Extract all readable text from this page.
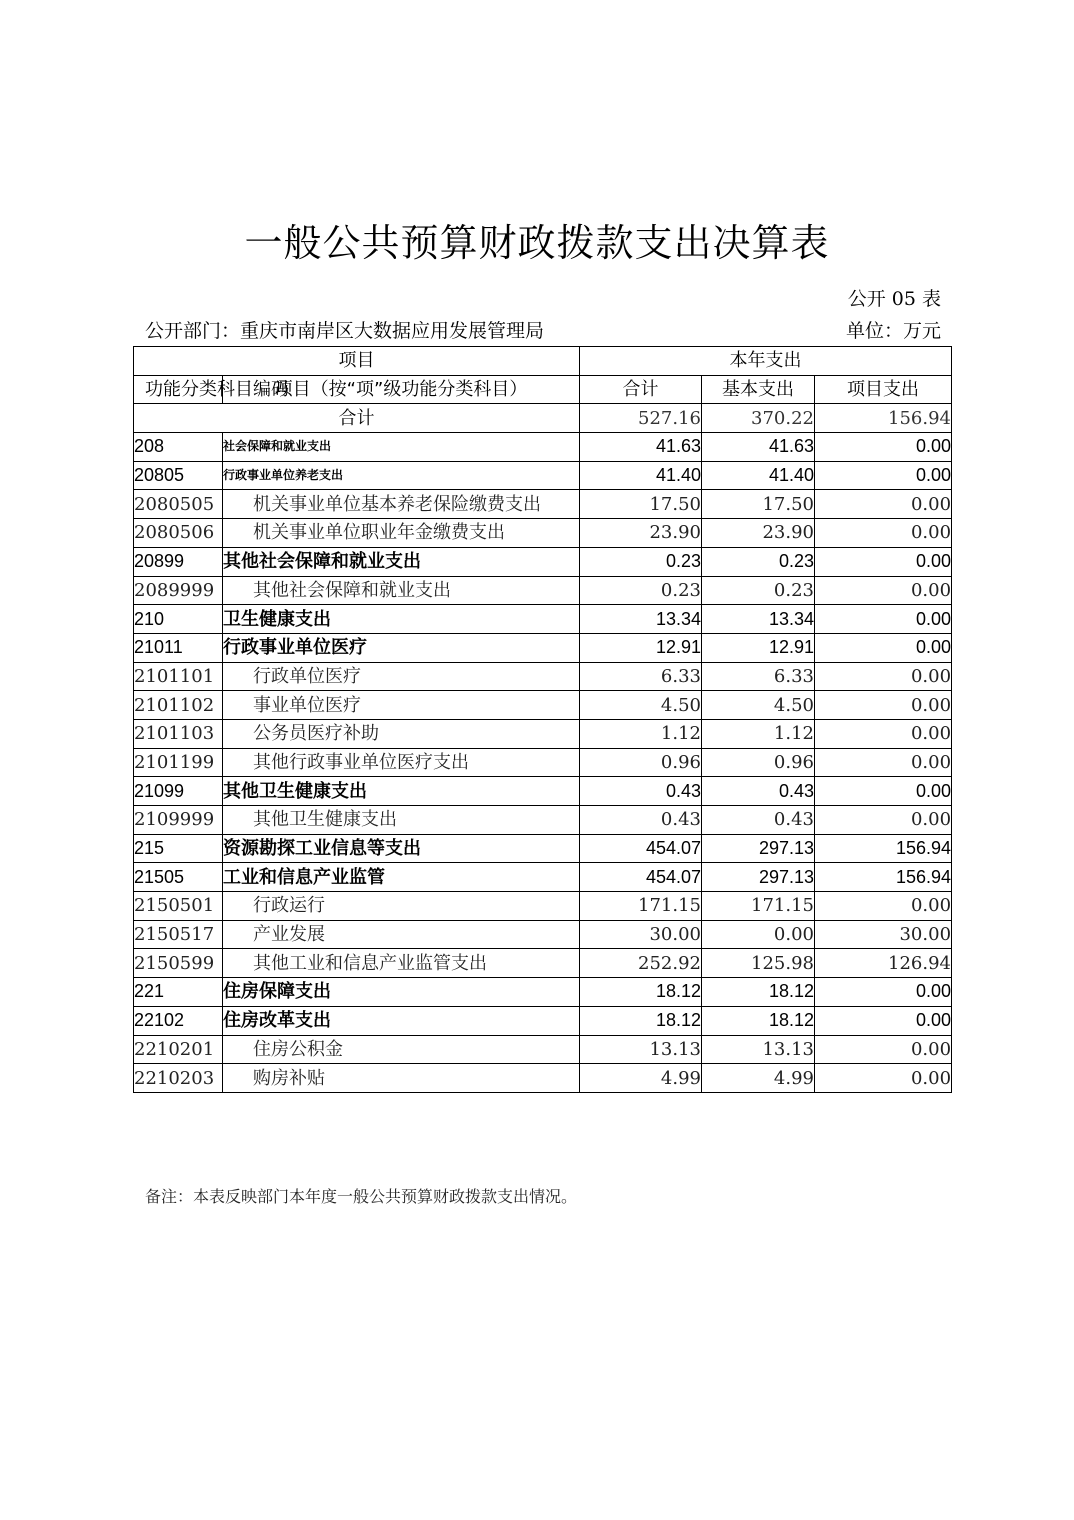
一般公共预算财政拨款支出决算表
公开 05 表
公开部门：重庆市南岸区大数据应用发展管理局	单位：万元
项目		本年支出		

功能分类科目编码	项目（按“项”级功能分类科目）	合计	基本支出	项目支出
合计		527.16	370.22	156.94
208	社会保障和就业支出	41.63	41.63	0.00
20805	行政事业单位养老支出	41.40	41.40	0.00
2080505	机关事业单位基本养老保险缴费支出	17.50	17.50	0.00
2080506	机关事业单位职业年金缴费支出	23.90	23.90	0.00
20899	其他社会保障和就业支出	0.23	0.23	0.00
2089999	其他社会保障和就业支出	0.23	0.23	0.00
210	卫生健康支出	13.34	13.34	0.00
21011	行政事业单位医疗	12.91	12.91	0.00
2101101	行政单位医疗	6.33	6.33	0.00
2101102	事业单位医疗	4.50	4.50	0.00
2101103	公务员医疗补助	1.12	1.12	0.00
2101199	其他行政事业单位医疗支出	0.96	0.96	0.00
21099	其他卫生健康支出	0.43	0.43	0.00
2109999	其他卫生健康支出	0.43	0.43	0.00
215	资源勘探工业信息等支出	454.07	297.13	156.94
21505	工业和信息产业监管	454.07	297.13	156.94
2150501	行政运行	171.15	171.15	0.00
2150517	产业发展	30.00	0.00	30.00
2150599	其他工业和信息产业监管支出	252.92	125.98	126.94
221	住房保障支出	18.12	18.12	0.00
22102	住房改革支出	18.12	18.12	0.00
2210201	住房公积金	13.13	13.13	0.00
2210203	购房补贴	4.99	4.99	0.00
备注：本表反映部门本年度一般公共预算财政拨款支出情况。
